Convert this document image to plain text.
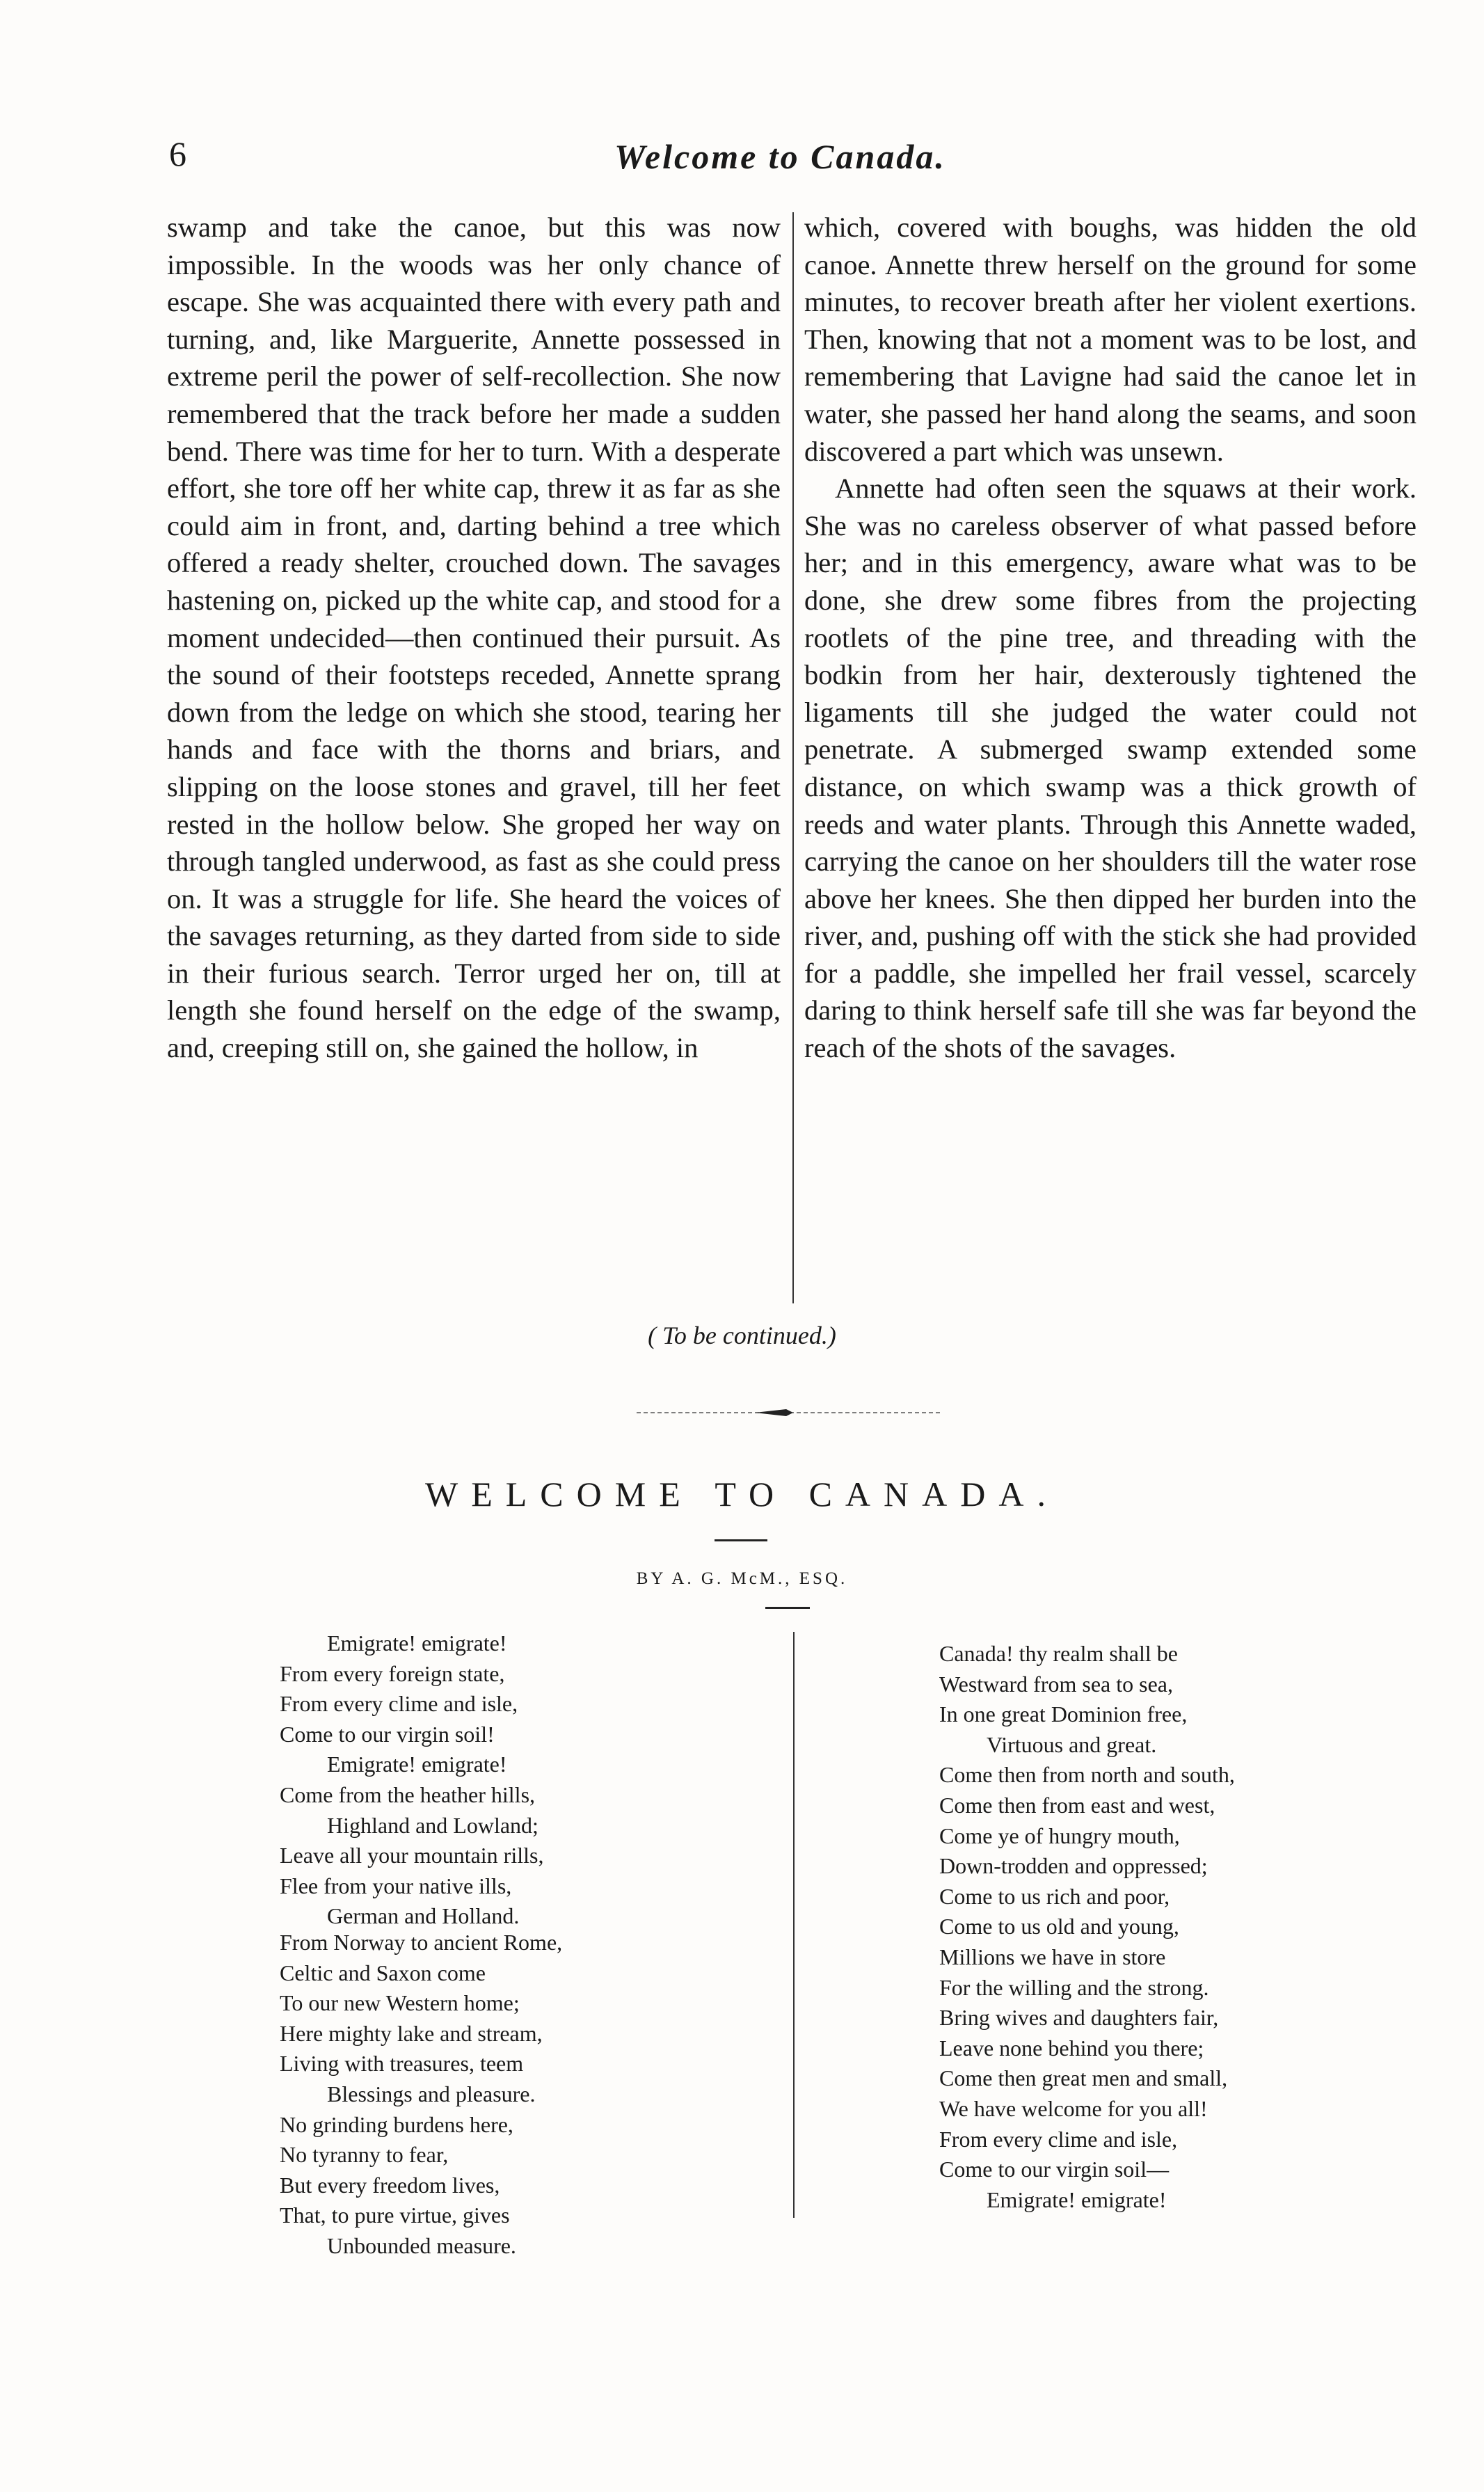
6	Welcome to Canada.

swamp and take the canoe, but this was now impossible. In the woods was her only chance of escape. She was acquainted there with every path and turning, and, like Marguerite, Annette possessed in extreme peril the power of self-recollection. She now remembered that the track before her made a sudden bend. There was time for her to turn. With a desperate effort, she tore off her white cap, threw it as far as she could aim in front, and, darting behind a tree which offered a ready shelter, crouched down. The savages hastening on, picked up the white cap, and stood for a moment undecided—then continued their pursuit. As the sound of their footsteps receded, Annette sprang down from the ledge on which she stood, tearing her hands and face with the thorns and briars, and slipping on the loose stones and gravel, till her feet rested in the hollow below. She groped her way on through tangled underwood, as fast as she could press on. It was a struggle for life. She heard the voices of the savages returning, as they darted from side to side in their furious search. Terror urged her on, till at length she found herself on the edge of the swamp, and, creeping still on, she gained the hollow, in

which, covered with boughs, was hidden the old canoe. Annette threw herself on the ground for some minutes, to recover breath after her violent exertions. Then, knowing that not a moment was to be lost, and remembering that Lavigne had said the canoe let in water, she passed her hand along the seams, and soon discovered a part which was unsewn.

Annette had often seen the squaws at their work. She was no careless observer of what passed before her; and in this emergency, aware what was to be done, she drew some fibres from the projecting rootlets of the pine tree, and threading with the bodkin from her hair, dexterously tightened the ligaments till she judged the water could not penetrate. A submerged swamp extended some distance, on which swamp was a thick growth of reeds and water plants. Through this Annette waded, carrying the canoe on her shoulders till the water rose above her knees. She then dipped her burden into the river, and, pushing off with the stick she had provided for a paddle, she impelled her frail vessel, scarcely daring to think herself safe till she was far beyond the reach of the shots of the savages.

( To be continued.)
WELCOME TO CANADA.
BY A. G. McM., ESQ.
Emigrate! emigrate!
From every foreign state,
From every clime and isle,
Come to our virgin soil!
Emigrate! emigrate!
Come from the heather hills,
Highland and Lowland;
Leave all your mountain rills,
Flee from your native ills,
German and Holland.
From Norway to ancient Rome,
Celtic and Saxon come
To our new Western home;
Here mighty lake and stream,
Living with treasures, teem
Blessings and pleasure.
No grinding burdens here,
No tyranny to fear,
But every freedom lives,
That, to pure virtue, gives
Unbounded measure.
Canada! thy realm shall be
Westward from sea to sea,
In one great Dominion free,
Virtuous and great.
Come then from north and south,
Come then from east and west,
Come ye of hungry mouth,
Down-trodden and oppressed;
Come to us rich and poor,
Come to us old and young,
Millions we have in store
For the willing and the strong.
Bring wives and daughters fair,
Leave none behind you there;
Come then great men and small,
We have welcome for you all!
From every clime and isle,
Come to our virgin soil—
Emigrate! emigrate!
